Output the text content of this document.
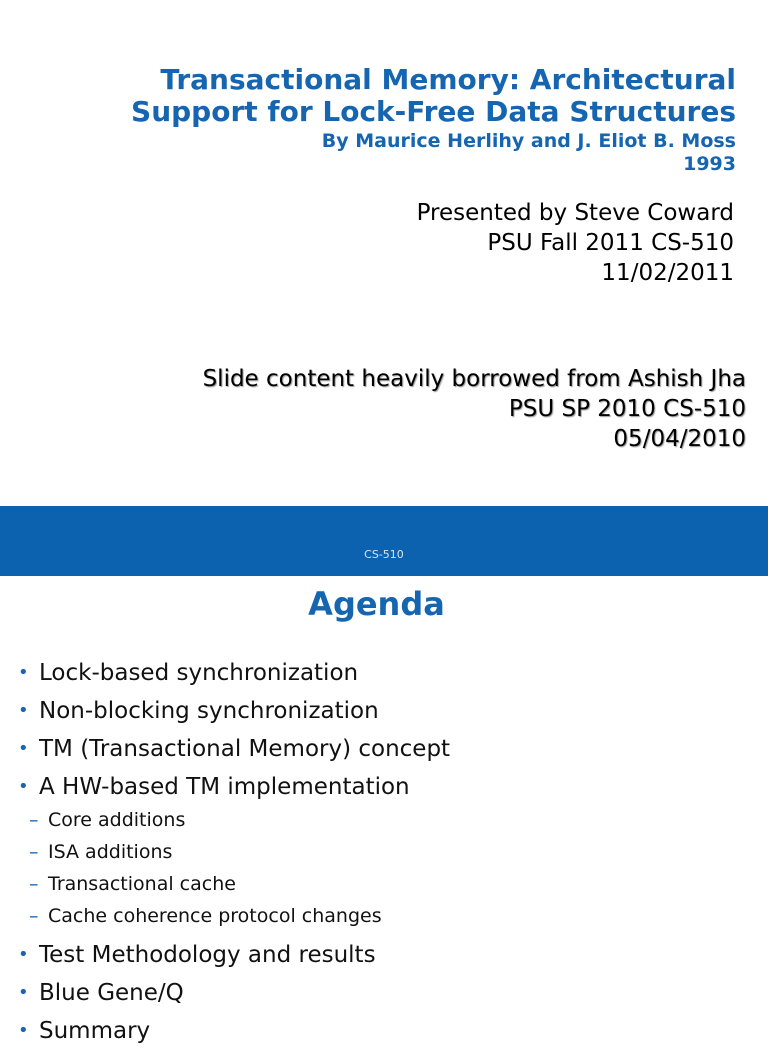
Transactional Memory: Architectural
Support for Lock-Free Data Structures
By Maurice Herlihy and J. Eliot B. Moss
1993
Presented by Steve Coward
PSU Fall 2011 CS-510
11/02/2011
Slide content heavily borrowed from Ashish Jha
PSU SP 2010 CS-510
05/04/2010
CS-510
Agenda
• Lock-based synchronization
• Non-blocking synchronization
• TM (Transactional Memory) concept
• A HW-based TM implementation
– Core additions
– ISA additions
– Transactional cache
– Cache coherence protocol changes
• Test Methodology and results
• Blue Gene/Q
• Summary
